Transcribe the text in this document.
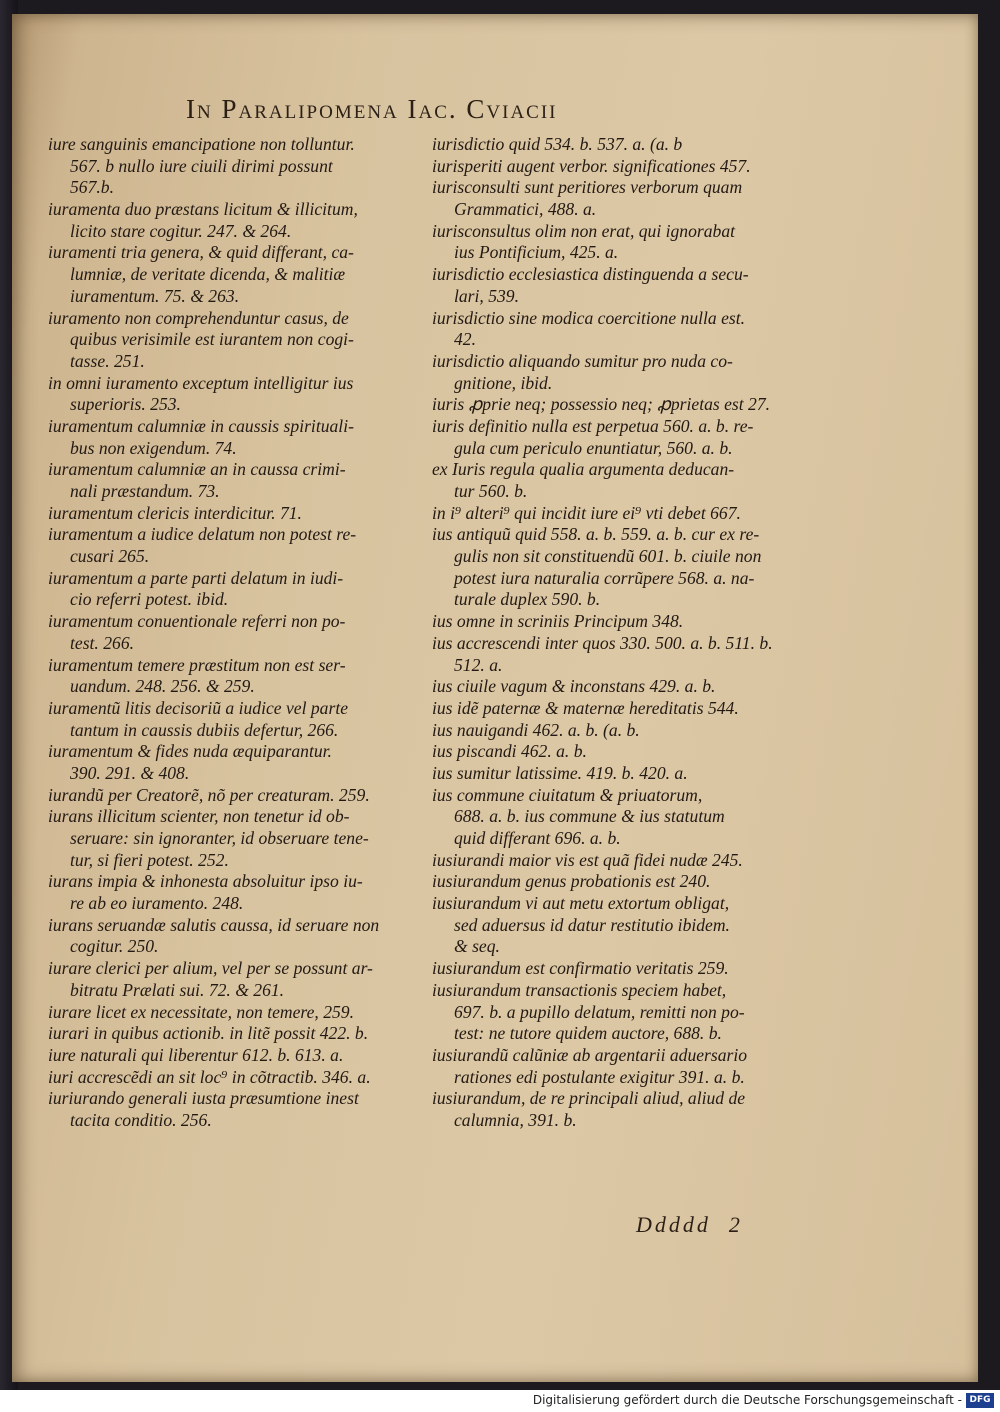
In Paralipomena Iac. Cviacii
iure sanguinis emancipatione non tolluntur.
567. b nullo iure ciuili dirimi possunt
567.b.
iuramenta duo præstans licitum & illicitum,
licito stare cogitur. 247. & 264.
iuramenti tria genera, & quid differant, ca-
lumniæ, de veritate dicenda, & malitiæ
iuramentum. 75. & 263.
iuramento non comprehenduntur casus, de
quibus verisimile est iurantem non cogi-
tasse. 251.
in omni iuramento exceptum intelligitur ius
superioris. 253.
iuramentum calumniæ in caussis spirituali-
bus non exigendum. 74.
iuramentum calumniæ an in caussa crimi-
nali præstandum. 73.
iuramentum clericis interdicitur. 71.
iuramentum a iudice delatum non potest re-
cusari 265.
iuramentum a parte parti delatum in iudi-
cio referri potest. ibid.
iuramentum conuentionale referri non po-
test. 266.
iuramentum temere præstitum non est ser-
uandum. 248. 256. & 259.
iuramentũ litis decisoriũ a iudice vel parte
tantum in caussis dubiis defertur, 266.
iuramentum & fides nuda æquiparantur.
390. 291. & 408.
iurandũ per Creatorẽ, nõ per creaturam. 259.
iurans illicitum scienter, non tenetur id ob-
seruare: sin ignoranter, id obseruare tene-
tur, si fieri potest. 252.
iurans impia & inhonesta absoluitur ipso iu-
re ab eo iuramento. 248.
iurans seruandæ salutis caussa, id seruare non
cogitur. 250.
iurare clerici per alium, vel per se possunt ar-
bitratu Prælati sui. 72. & 261.
iurare licet ex necessitate, non temere, 259.
iurari in quibus actionib. in litẽ possit 422. b.
iure naturali qui liberentur 612. b. 613. a.
iuri accrescẽdi an sit loc⁹ in cõtractib. 346. a.
iuriurando generali iusta præsumtione inest
tacita conditio. 256.
iurisdictio quid 534. b. 537. a. (a. b
iurisperiti augent verbor. significationes 457.
iurisconsulti sunt peritiores verborum quam
Grammatici, 488. a.
iurisconsultus olim non erat, qui ignorabat
ius Pontificium, 425. a.
iurisdictio ecclesiastica distinguenda a secu-
lari, 539.
iurisdictio sine modica coercitione nulla est.
42.
iurisdictio aliquando sumitur pro nuda co-
gnitione, ibid.
iuris ꝓprie neq; possessio neq; ꝓprietas est 27.
iuris definitio nulla est perpetua 560. a. b. re-
gula cum periculo enuntiatur, 560. a. b.
ex Iuris regula qualia argumenta deducan-
tur 560. b.
in i⁹ alteri⁹ qui incidit iure ei⁹ vti debet 667.
ius antiquũ quid 558. a. b. 559. a. b. cur ex re-
gulis non sit constituendũ 601. b. ciuile non
potest iura naturalia corrũpere 568. a. na-
turale duplex 590. b.
ius omne in scriniis Principum 348.
ius accrescendi inter quos 330. 500. a. b. 511. b.
512. a.
ius ciuile vagum & inconstans 429. a. b.
ius idẽ paternæ & maternæ hereditatis 544.
ius nauigandi 462. a. b. (a. b.
ius piscandi 462. a. b.
ius sumitur latissime. 419. b. 420. a.
ius commune ciuitatum & priuatorum,
688. a. b. ius commune & ius statutum
quid differant 696. a. b.
iusiurandi maior vis est quã fidei nudæ 245.
iusiurandum genus probationis est 240.
iusiurandum vi aut metu extortum obligat,
sed aduersus id datur restitutio ibidem.
& seq.
iusiurandum est confirmatio veritatis 259.
iusiurandum transactionis speciem habet,
697. b. a pupillo delatum, remitti non po-
test: ne tutore quidem auctore, 688. b.
iusiurandũ calũniæ ab argentarii aduersario
rationes edi postulante exigitur 391. a. b.
iusiurandum, de re principali aliud, aliud de
calumnia, 391. b.
Ddddd 2
Digitalisierung gefördert durch die Deutsche Forschungsgemeinschaft - DFG
